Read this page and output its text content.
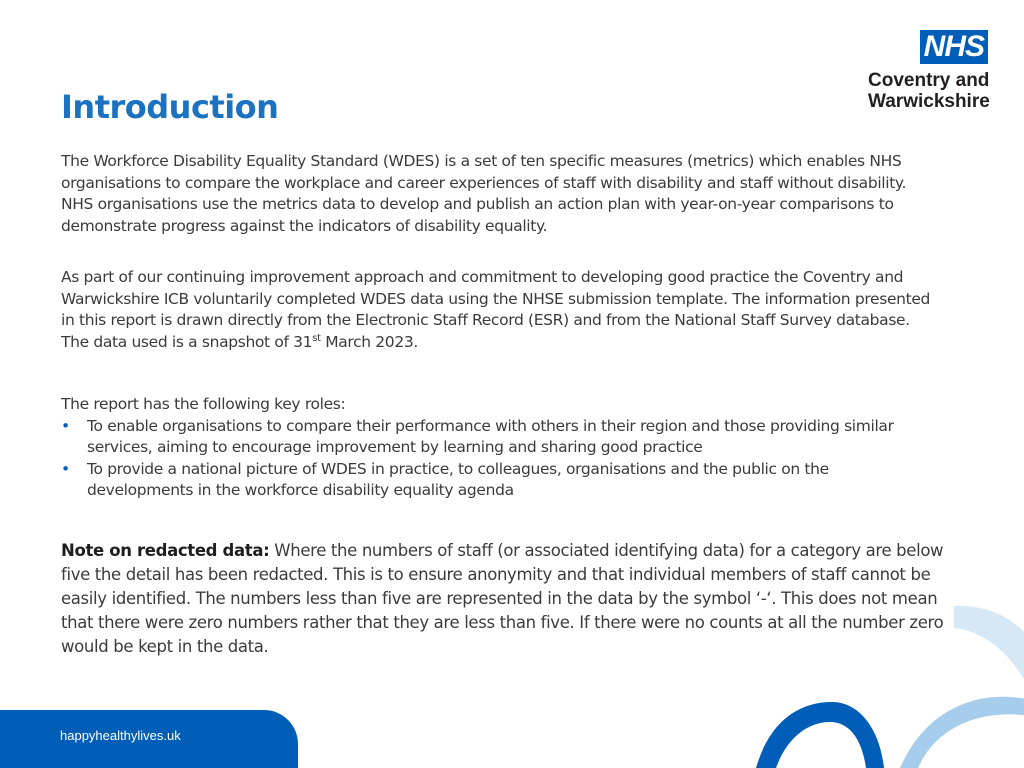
NHS
Coventry and
Warwickshire
Introduction

The Workforce Disability Equality Standard (WDES) is a set of ten specific measures (metrics) which enables NHS organisations to compare the workplace and career experiences of staff with disability and staff without disability. NHS organisations use the metrics data to develop and publish an action plan with year-on-year comparisons to demonstrate progress against the indicators of disability equality.

As part of our continuing improvement approach and commitment to developing good practice the Coventry and Warwickshire ICB voluntarily completed WDES data using the NHSE submission template. The information presented in this report is drawn directly from the Electronic Staff Record (ESR) and from the National Staff Survey database. The data used is a snapshot of 31st March 2023.

The report has the following key roles:

• To enable organisations to compare their performance with others in their region and those providing similar services, aiming to encourage improvement by learning and sharing good practice
• To provide a national picture of WDES in practice, to colleagues, organisations and the public on the developments in the workforce disability equality agenda

Note on redacted data: Where the numbers of staff (or associated identifying data) for a category are below five the detail has been redacted. This is to ensure anonymity and that individual members of staff cannot be easily identified. The numbers less than five are represented in the data by the symbol ‘-‘. This does not mean that there were zero numbers rather that they are less than five. If there were no counts at all the number zero would be kept in the data.

happyhealthylives.uk
